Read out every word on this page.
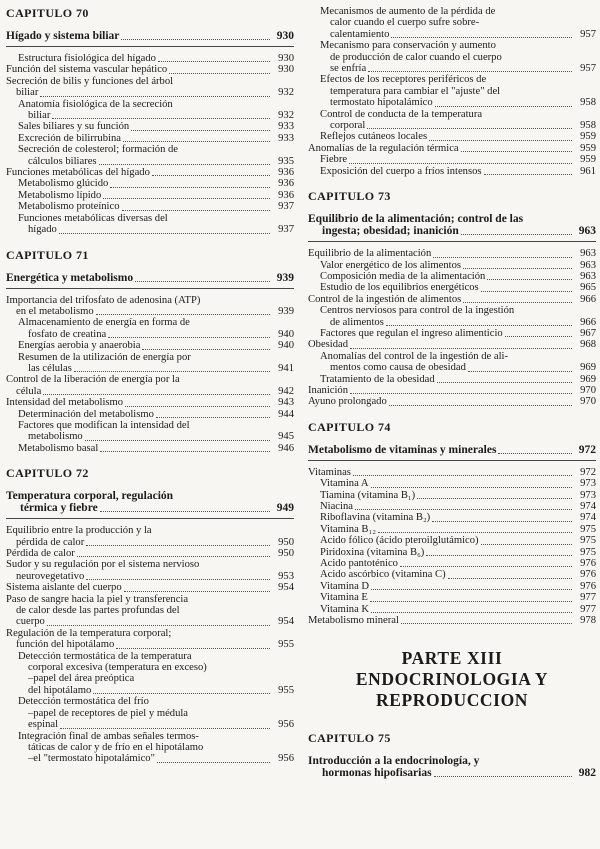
CAPITULO 70
Hígado y sistema biliar	930
Estructura fisiológica del hígado	930
Función del sistema vascular hepático	930
Secreción de bilis y funciones del árbol
biliar	932
Anatomía fisiológica de la secreción
biliar	932
Sales biliares y su función	933
Excreción de bilirrubina	933
Secreción de colesterol; formación de
cálculos biliares	935
Funciones metabólicas del hígado	936
Metabolismo glúcido	936
Metabolismo lípido	936
Metabolismo proteínico	937
Funciones metabólicas diversas del
hígado	937
CAPITULO 71
Energética y metabolismo	939
Importancia del trifosfato de adenosina (ATP)
en el metabolismo	939
Almacenamiento de energía en forma de
fosfato de creatina	940
Energías aerobia y anaerobia	940
Resumen de la utilización de energía por
las células	941
Control de la liberación de energía por la
célula	942
Intensidad del metabolismo	943
Determinación del metabolismo	944
Factores que modifican la intensidad del
metabolismo	945
Metabolismo basal	946
CAPITULO 72
Temperatura corporal, regulación
térmica y fiebre	949
Equilibrio entre la producción y la
pérdida de calor	950
Pérdida de calor	950
Sudor y su regulación por el sistema nervioso
neurovegetativo	953
Sistema aislante del cuerpo	954
Paso de sangre hacia la piel y transferencia
de calor desde las partes profundas del
cuerpo	954
Regulación de la temperatura corporal;
función del hipotálamo	955
Detección termostática de la temperatura
corporal excesiva (temperatura en exceso)
–papel del área preóptica
del hipotálamo	955
Detección termostática del frío
–papel de receptores de piel y médula
espinal	956
Integración final de ambas señales termos-
táticas de calor y de frío en el hipotálamo
–el "termostato hipotalámico"	956
Mecanismos de aumento de la pérdida de
calor cuando el cuerpo sufre sobre-
calentamiento	957
Mecanismo para conservación y aumento
de producción de calor cuando el cuerpo
se enfría	957
Efectos de los receptores periféricos de
temperatura para cambiar el "ajuste" del
termostato hipotalámico	958
Control de conducta de la temperatura
corporal	958
Reflejos cutáneos locales	959
Anomalías de la regulación térmica	959
Fiebre	959
Exposición del cuerpo a fríos intensos	961
CAPITULO 73
Equilibrio de la alimentación; control de las
ingesta; obesidad; inanición	963
Equilibrio de la alimentación	963
Valor energético de los alimentos	963
Composición media de la alimentación	963
Estudio de los equilibrios energéticos	965
Control de la ingestión de alimentos	966
Centros nerviosos para control de la ingestión
de alimentos	966
Factores que regulan el ingreso alimenticio	967
Obesidad	968
Anomalías del control de la ingestión de ali-
mentos como causa de obesidad	969
Tratamiento de la obesidad	969
Inanición	970
Ayuno prolongado	970
CAPITULO 74
Metabolismo de vitaminas y minerales	972
Vitaminas	972
Vitamina A	973
Tiamina (vitamina B₁)	973
Niacina	974
Riboflavina (vitamina B₂)	974
Vitamina B₁₂	975
Acido fólico (ácido pteroilglutámico)	975
Piridoxina (vitamina B₆)	975
Acido pantoténico	976
Acido ascórbico (vitamina C)	976
Vitamina D	976
Vitamina E	977
Vitamina K	977
Metabolismo mineral	978
PARTE XIII
ENDOCRINOLOGIA Y
REPRODUCCION
CAPITULO 75
Introducción a la endocrinología, y
hormonas hipofisarias	982
